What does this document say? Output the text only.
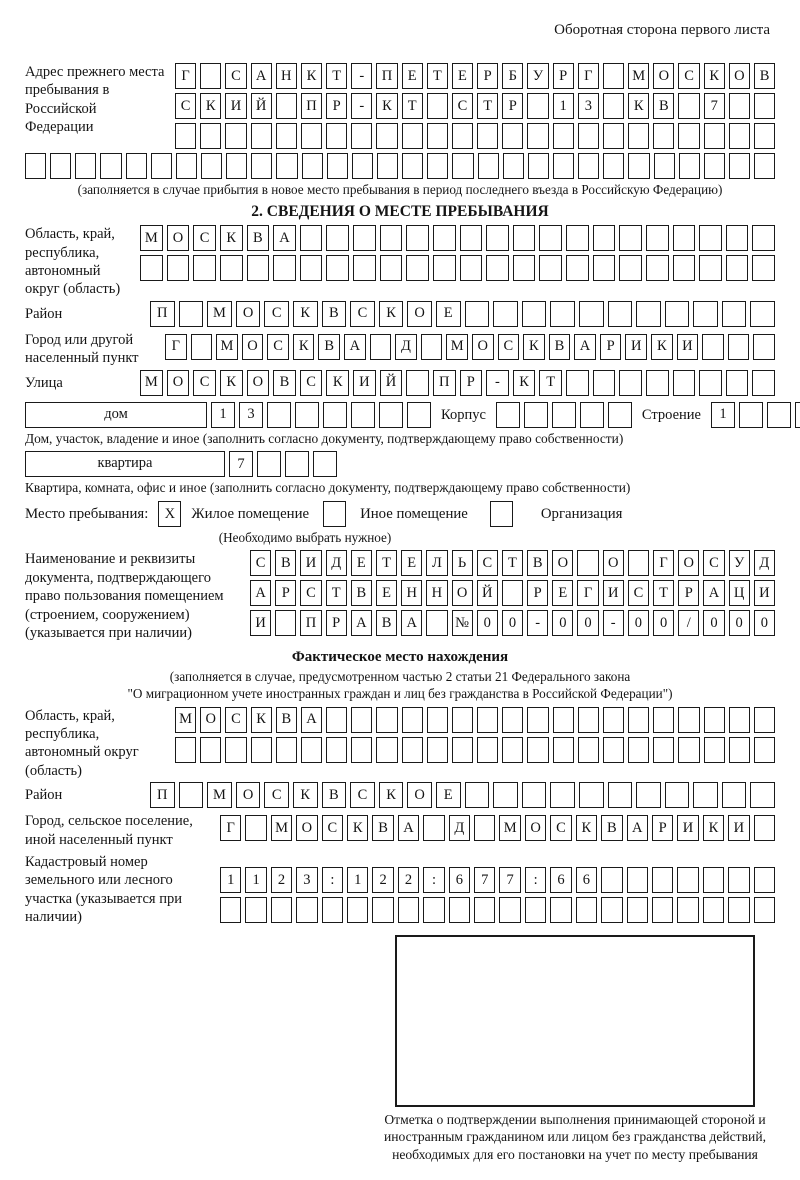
Оборотная сторона первого листа
Адрес прежнего места пребывания в Российской Федерации
Г	С	А	Н	К	Т	-	П	Е	Т	Е	Р	Б	У	Р	Г	М О	С	К	О	В
С	К	И	Й	П	Р	-	К	Т	С	Т	Р	1	3	К	В	7
(заполняется в случае прибытия в новое место пребывания в период последнего въезда в Российскую Федерацию)
2. СВЕДЕНИЯ О МЕСТЕ ПРЕБЫВАНИЯ
Область, край, республика, автономный округ (область)
М	О	С	К	В	А
Район	П	М	О	С	К	В	С	К	О	Е
Город или другой населенный пункт
Г	М О	С	К	В	А	Д	М О	С	К	В	А	Р	И	К	И
Улица	М	О	С	К	О	В	С	К	И	Й	П	Р	-	К	Т
дом	1	3	Корпус	Строение	1
Дом, участок, владение и иное (заполнить согласно документу, подтверждающему право собственности)
квартира	7
Квартира, комната, офис и иное (заполнить согласно документу, подтверждающему право собственности)
Место пребывания:	X	Жилое помещение	Иное помещение	Организация
(Необходимо выбрать нужное)
Наименование и реквизиты документа, подтверждающего право пользования помещением (строением, сооружением) (указывается при наличии)
С	В	И	Д	Е	Т	Е	Л	Ь	С	Т	В	О	О	Г	О	С	У	Д
А	Р	С	Т	В	Е	Н	Н	О	Й	Р	Е	Г	И	С	Т	Р	А	Ц	И
И	П	Р	А	В	А	№	0	0	-	0	0	-	0	0	/	0	0	0
Фактическое место нахождения
(заполняется в случае, предусмотренном частью 2 статьи 21 Федерального закона
"О миграционном учете иностранных граждан и лиц без гражданства в Российской Федерации")
Область, край, республика, автономный округ (область)
М О	С	К	В	А
Район	П	М	О	С	К	В	С	К	О	Е
Город, сельское поселение, иной населенный пункт
Г	М О	С	К	В	А	Д	М О	С	К	В	А	Р	И	К	И
Кадастровый номер земельного или лесного участка (указывается при наличии)
1	1	2	3	:	1	2	2	:	6	7	7	:	6	6
Отметка о подтверждении выполнения принимающей стороной и иностранным гражданином или лицом без гражданства действий, необходимых для его постановки на учет по месту пребывания
